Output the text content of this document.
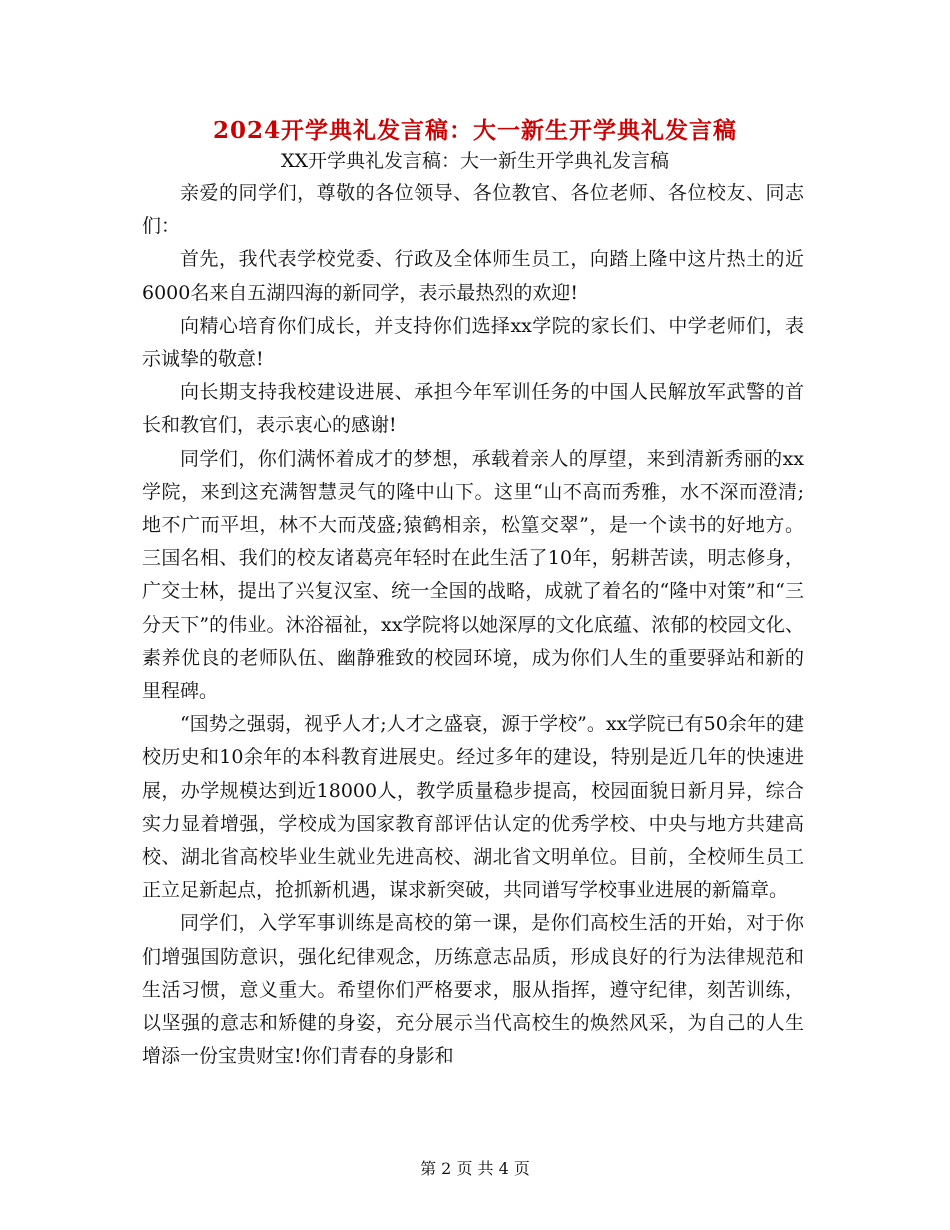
2024开学典礼发言稿：大一新生开学典礼发言稿
XX开学典礼发言稿：大一新生开学典礼发言稿

亲爱的同学们，尊敬的各位领导、各位教官、各位老师、各位校友、同志们：

首先，我代表学校党委、行政及全体师生员工，向踏上隆中这片热土的近6000名来自五湖四海的新同学，表示最热烈的欢迎!

向精心培育你们成长，并支持你们选择xx学院的家长们、中学老师们，表示诚挚的敬意!

向长期支持我校建设进展、承担今年军训任务的中国人民解放军武警的首长和教官们，表示衷心的感谢!

同学们，你们满怀着成才的梦想，承载着亲人的厚望，来到清新秀丽的xx学院，来到这充满智慧灵气的隆中山下。这里“山不高而秀雅，水不深而澄清;地不广而平坦，林不大而茂盛;猿鹤相亲，松篁交翠”，是一个读书的好地方。三国名相、我们的校友诸葛亮年轻时在此生活了10年，躬耕苦读，明志修身，广交士林，提出了兴复汉室、统一全国的战略，成就了着名的“隆中对策”和“三分天下”的伟业。沐浴福祉，xx学院将以她深厚的文化底蕴、浓郁的校园文化、素养优良的老师队伍、幽静雅致的校园环境，成为你们人生的重要驿站和新的里程碑。

“国势之强弱，视乎人才;人才之盛衰，源于学校”。xx学院已有50余年的建校历史和10余年的本科教育进展史。经过多年的建设，特别是近几年的快速进展，办学规模达到近18000人，教学质量稳步提高，校园面貌日新月异，综合实力显着增强，学校成为国家教育部评估认定的优秀学校、中央与地方共建高校、湖北省高校毕业生就业先进高校、湖北省文明单位。目前，全校师生员工正立足新起点，抢抓新机遇，谋求新突破，共同谱写学校事业进展的新篇章。

同学们，入学军事训练是高校的第一课，是你们高校生活的开始，对于你们增强国防意识，强化纪律观念，历练意志品质，形成良好的行为法律规范和生活习惯，意义重大。希望你们严格要求，服从指挥，遵守纪律，刻苦训练，以坚强的意志和矫健的身姿，充分展示当代高校生的焕然风采，为自己的人生增添一份宝贵财宝!你们青春的身影和

第 2 页 共 4 页
